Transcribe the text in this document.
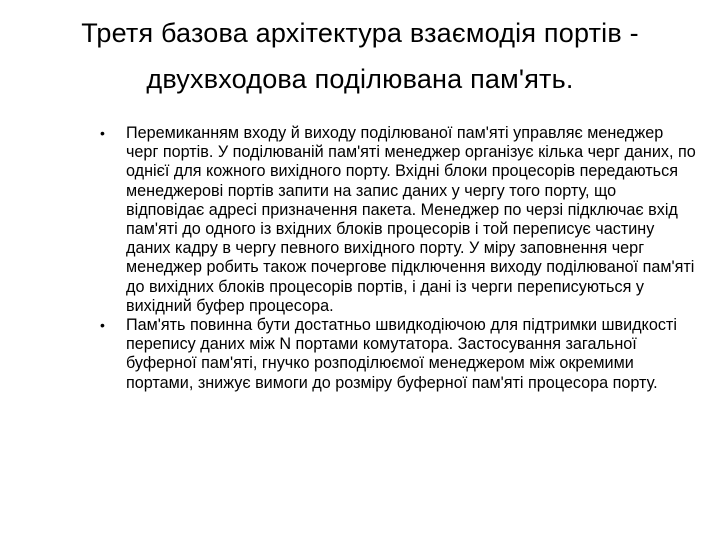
Третя базова архітектура взаємодія портів -
двухвходова поділювана пам'ять.
• Перемиканням входу й виходу поділюваної пам'яті управляє менеджер черг портів. У поділюваній пам'яті менеджер організує кілька черг даних, по однієї для кожного вихідного порту. Вхідні блоки процесорів передаються менеджерові портів запити на запис даних у чергу того порту, що відповідає адресі призначення пакета. Менеджер по черзі підключає вхід пам'яті до одного із вхідних блоків процесорів і той переписує частину даних кадру в чергу певного вихідного порту. У міру заповнення черг менеджер робить також почергове підключення виходу поділюваної пам'яті до вихідних блоків процесорів портів, і дані із черги переписуються у вихідний буфер процесора.
• Пам'ять повинна бути достатньо швидкодіючою для підтримки швидкості перепису даних між N портами комутатора. Застосування загальної буферної пам'яті, гнучко розподілюємої менеджером між окремими портами, знижує вимоги до розміру буферної пам'яті процесора порту.
